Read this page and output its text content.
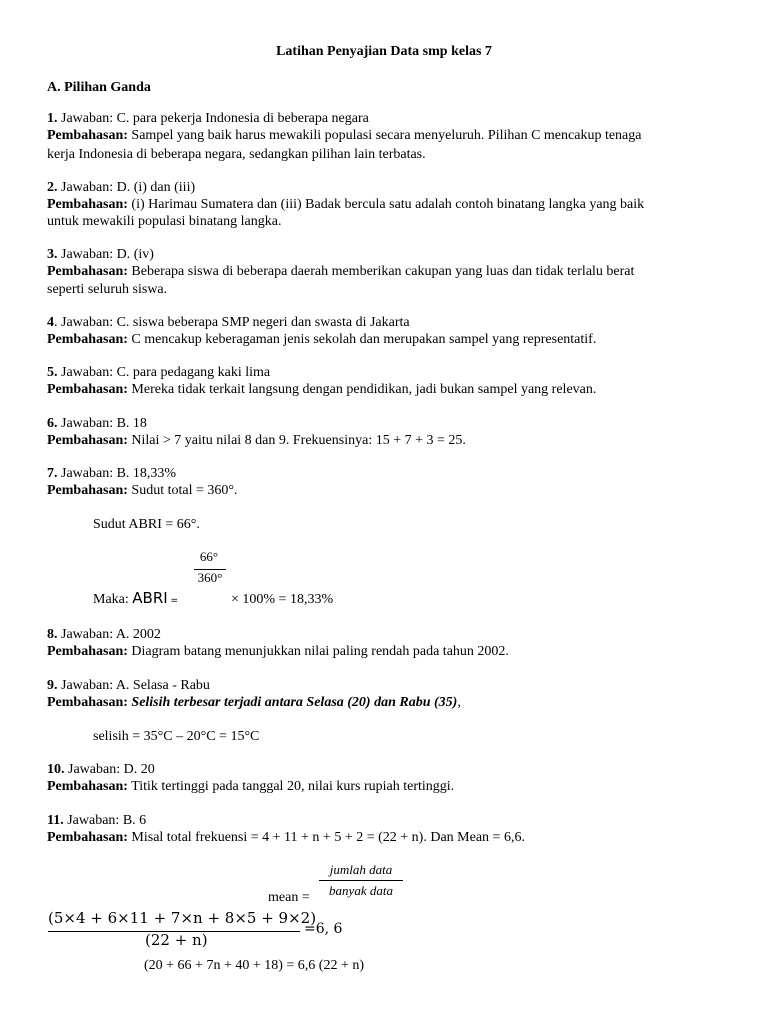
Latihan Penyajian Data smp kelas 7
A. Pilihan Ganda
1. Jawaban: C. para pekerja Indonesia di beberapa negara
Pembahasan: Sampel yang baik harus mewakili populasi secara menyeluruh. Pilihan C mencakup tenaga
kerja Indonesia di beberapa negara, sedangkan pilihan lain terbatas.
2. Jawaban: D. (i) dan (iii)
Pembahasan: (i) Harimau Sumatera dan (iii) Badak bercula satu adalah contoh binatang langka yang baik
untuk mewakili populasi binatang langka.
3. Jawaban: D. (iv)
Pembahasan: Beberapa siswa di beberapa daerah memberikan cakupan yang luas dan tidak terlalu berat
seperti seluruh siswa.
4. Jawaban: C. siswa beberapa SMP negeri dan swasta di Jakarta
Pembahasan: C mencakup keberagaman jenis sekolah dan merupakan sampel yang representatif.
5. Jawaban: C. para pedagang kaki lima
Pembahasan: Mereka tidak terkait langsung dengan pendidikan, jadi bukan sampel yang relevan.
6. Jawaban: B. 18
Pembahasan: Nilai > 7 yaitu nilai 8 dan 9. Frekuensinya: 15 + 7 + 3 = 25.
7. Jawaban: B. 18,33%
Pembahasan: Sudut total = 360°.
Sudut ABRI = 66°.
66°
360°
Maka: ABRI =	× 100% = 18,33%
8. Jawaban: A. 2002
Pembahasan: Diagram batang menunjukkan nilai paling rendah pada tahun 2002.
9. Jawaban: A. Selasa - Rabu
Pembahasan: Selisih terbesar terjadi antara Selasa (20) dan Rabu (35),
selisih = 35°C – 20°C = 15°C
10. Jawaban: D. 20
Pembahasan: Titik tertinggi pada tanggal 20, nilai kurs rupiah tertinggi.
11. Jawaban: B. 6
Pembahasan: Misal total frekuensi = 4 + 11 + n + 5 + 2 = (22 + n). Dan Mean = 6,6.
jumlah data
banyak data
mean =
(5×4 + 6×11 + 7×n + 8×5 + 9×2)
(22 + n)
=6, 6
(20 + 66 + 7n + 40 + 18) = 6,6 (22 + n)
